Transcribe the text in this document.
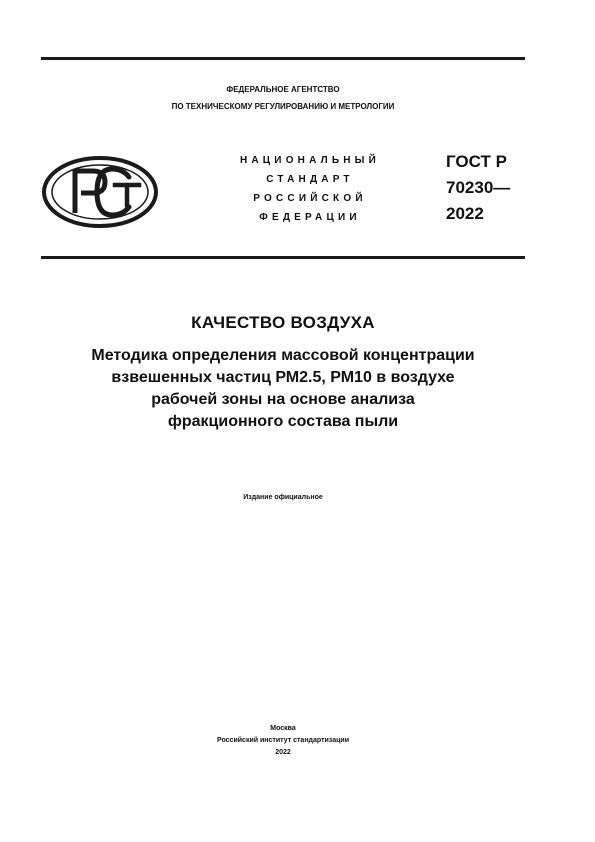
ФЕДЕРАЛЬНОЕ АГЕНТСТВО
ПО ТЕХНИЧЕСКОМУ РЕГУЛИРОВАНИЮ И МЕТРОЛОГИИ
НАЦИОНАЛЬНЫЙ
СТАНДАРТ
РОССИЙСКОЙ
ФЕДЕРАЦИИ
ГОСТ Р
70230—
2022
КАЧЕСТВО ВОЗДУХА
Методика определения массовой концентрации
взвешенных частиц РМ2.5, РМ10 в воздухе
рабочей зоны на основе анализа
фракционного состава пыли
Издание официальное
Москва
Российский институт стандартизации
2022
